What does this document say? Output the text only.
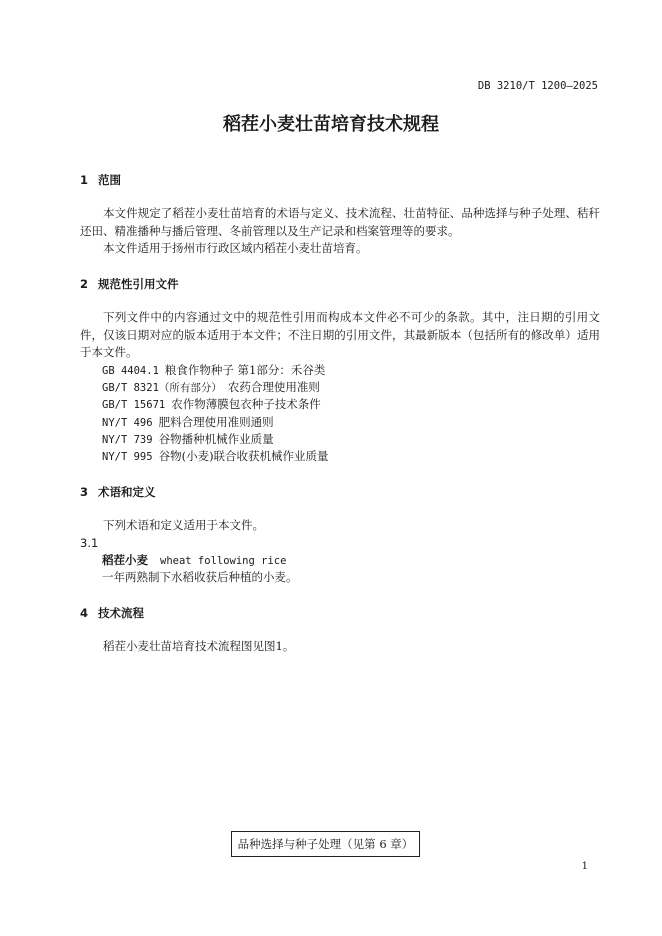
DB 3210/T 1200—2025
稻茬小麦壮苗培育技术规程
1 范围
本文件规定了稻茬小麦壮苗培育的术语与定义、技术流程、壮苗特征、品种选择与种子处理、秸秆还田、精准播种与播后管理、冬前管理以及生产记录和档案管理等的要求。
本文件适用于扬州市行政区域内稻茬小麦壮苗培育。
2 规范性引用文件
下列文件中的内容通过文中的规范性引用而构成本文件必不可少的条款。其中，注日期的引用文件，仅该日期对应的版本适用于本文件；不注日期的引用文件，其最新版本（包括所有的修改单）适用于本文件。
GB 4404.1 粮食作物种子 第1部分：禾谷类
GB/T 8321（所有部分） 农药合理使用准则
GB/T 15671 农作物薄膜包衣种子技术条件
NY/T 496 肥料合理使用准则通则
NY/T 739 谷物播种机械作业质量
NY/T 995 谷物(小麦)联合收获机械作业质量
3 术语和定义
下列术语和定义适用于本文件。
3.1
稻茬小麦 wheat following rice
一年两熟制下水稻收获后种植的小麦。
4 技术流程
稻茬小麦壮苗培育技术流程图见图1。
品种选择与种子处理（见第 6 章）
1
